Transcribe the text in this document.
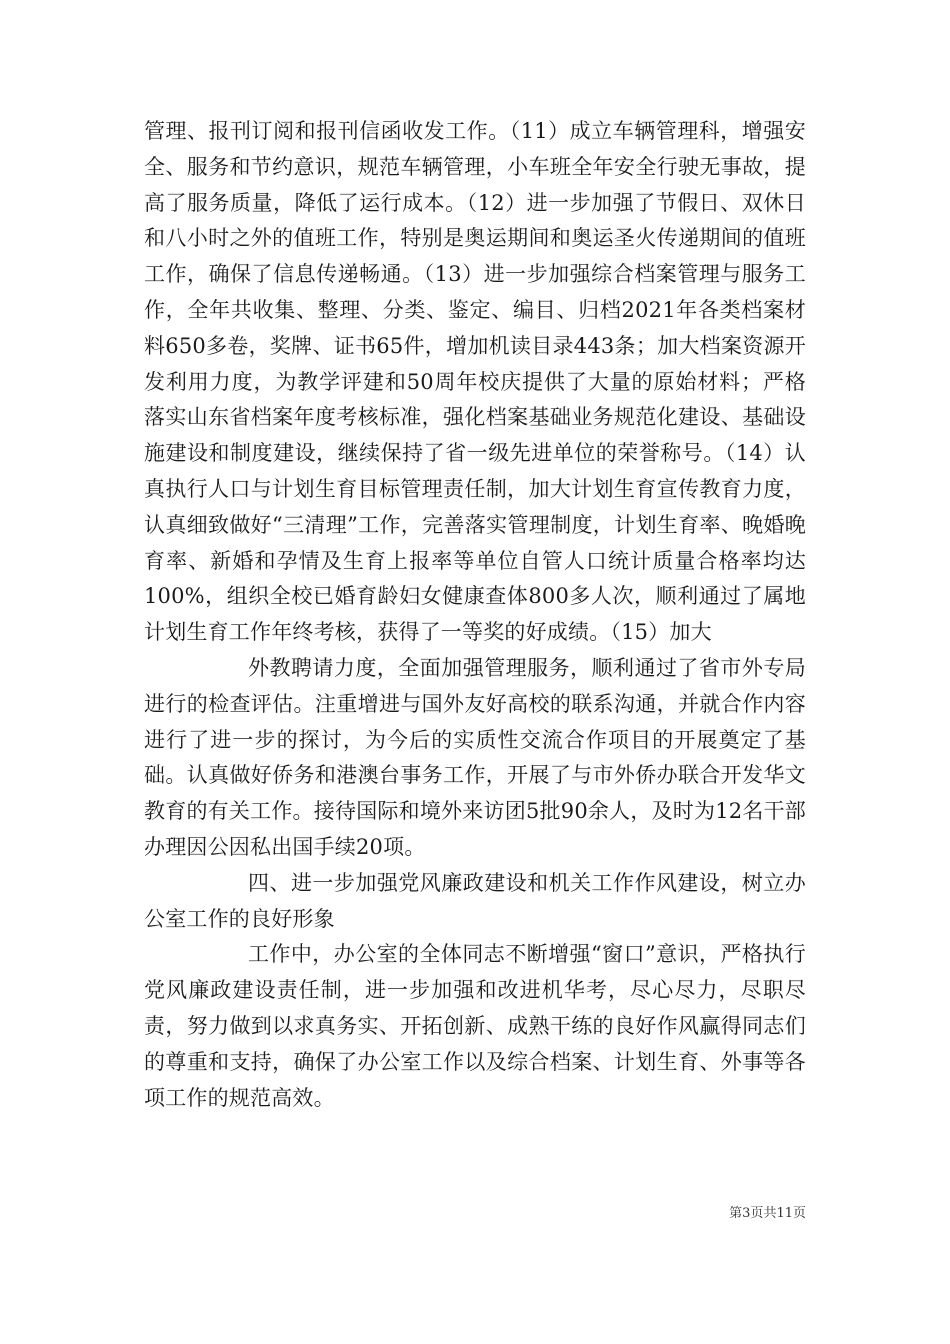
管理、报刊订阅和报刊信函收发工作。（11）成立车辆管理科，增强安全、服务和节约意识，规范车辆管理，小车班全年安全行驶无事故，提高了服务质量，降低了运行成本。（12）进一步加强了节假日、双休日和八小时之外的值班工作，特别是奥运期间和奥运圣火传递期间的值班工作，确保了信息传递畅通。（13）进一步加强综合档案管理与服务工作，全年共收集、整理、分类、鉴定、编目、归档2021年各类档案材料650多卷，奖牌、证书65件，增加机读目录443条；加大档案资源开发利用力度，为教学评建和50周年校庆提供了大量的原始材料；严格落实山东省档案年度考核标准，强化档案基础业务规范化建设、基础设施建设和制度建设，继续保持了省一级先进单位的荣誉称号。（14）认真执行人口与计划生育目标管理责任制，加大计划生育宣传教育力度，认真细致做好“三清理”工作，完善落实管理制度，计划生育率、晚婚晚育率、新婚和孕情及生育上报率等单位自管人口统计质量合格率均达100%，组织全校已婚育龄妇女健康查体800多人次，顺利通过了属地计划生育工作年终考核，获得了一等奖的好成绩。（15）加大

外教聘请力度，全面加强管理服务，顺利通过了省市外专局进行的检查评估。注重增进与国外友好高校的联系沟通，并就合作内容进行了进一步的探讨，为今后的实质性交流合作项目的开展奠定了基础。认真做好侨务和港澳台事务工作，开展了与市外侨办联合开发华文教育的有关工作。接待国际和境外来访团5批90余人，及时为12名干部办理因公因私出国手续20项。

四、进一步加强党风廉政建设和机关工作作风建设，树立办公室工作的良好形象

工作中，办公室的全体同志不断增强“窗口”意识，严格执行党风廉政建设责任制，进一步加强和改进机华考，尽心尽力，尽职尽责，努力做到以求真务实、开拓创新、成熟干练的良好作风赢得同志们的尊重和支持，确保了办公室工作以及综合档案、计划生育、外事等各项工作的规范高效。

第3页共11页
